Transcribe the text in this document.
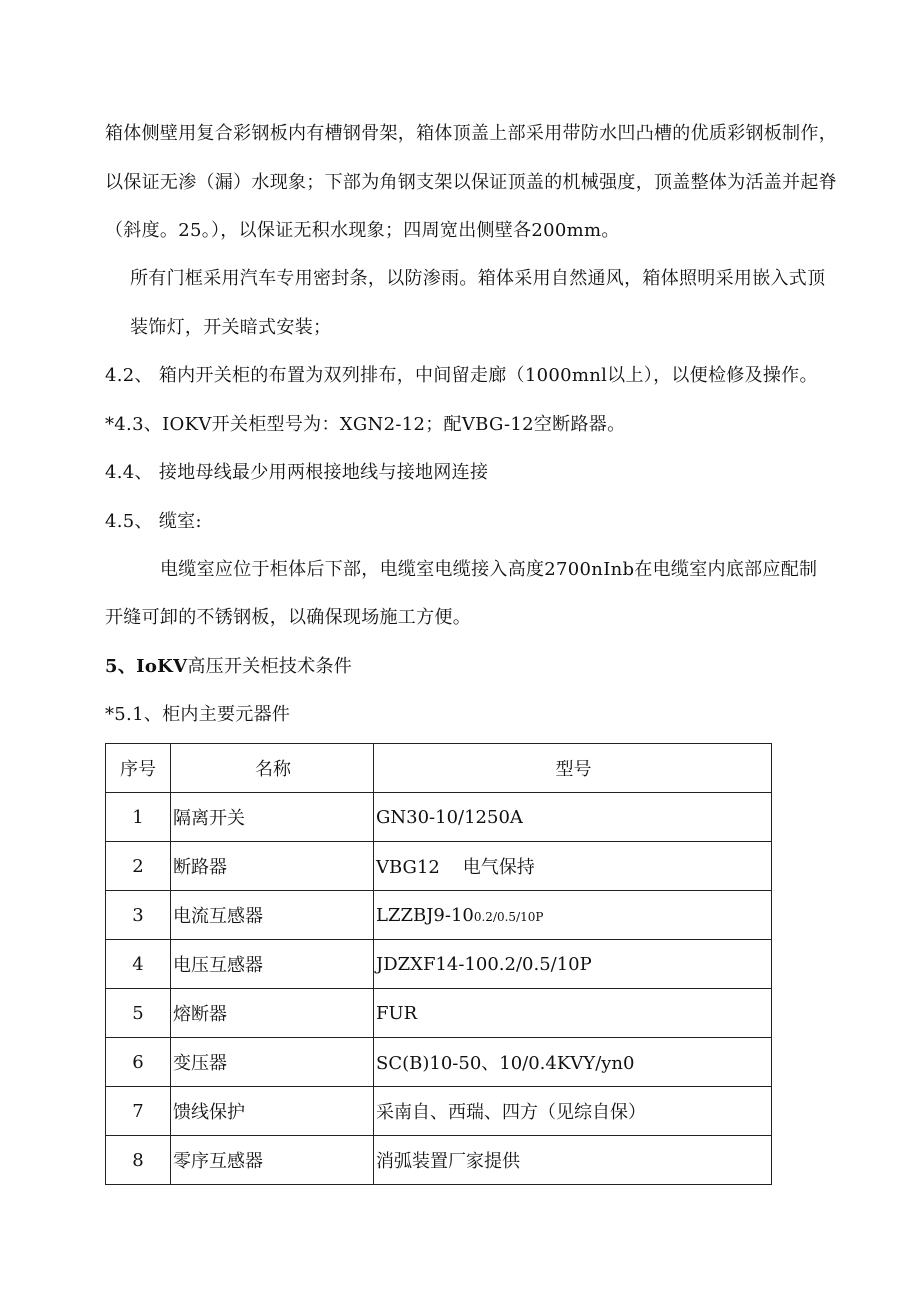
箱体侧壁用复合彩钢板内有槽钢骨架，箱体顶盖上部采用带防水凹凸槽的优质彩钢板制作，
以保证无渗（漏）水现象；下部为角钢支架以保证顶盖的机械强度，顶盖整体为活盖并起脊
（斜度。25。），以保证无积水现象；四周宽出侧壁各200mm。
所有门框采用汽车专用密封条，以防渗雨。箱体采用自然通风，箱体照明采用嵌入式顶
装饰灯，开关暗式安装；
4.2、 箱内开关柜的布置为双列排布，中间留走廊（1000mnl以上），以便检修及操作。
*4.3、IOKV开关柜型号为：XGN2-12；配VBG-12空断路器。
4.4、 接地母线最少用两根接地线与接地网连接
4.5、 缆室:
电缆室应位于柜体后下部，电缆室电缆接入高度2700nInb在电缆室内底部应配制
开缝可卸的不锈钢板，以确保现场施工方便。
5、IoKV高压开关柜技术条件
*5.1、柜内主要元器件
序号	名称	型号
1	隔离开关	GN30-10/1250A
2	断路器	VBG12    电气保持
3	电流互感器	LZZBJ9-100.2/0.5/10P
4	电压互感器	JDZXF14-100.2/0.5/10P
5	熔断器	FUR
6	变压器	SC(B)10-50、10/0.4KVY/yn0
7	馈线保护	采南自、西瑞、四方（见综自保）
8	零序互感器	消弧装置厂家提供
